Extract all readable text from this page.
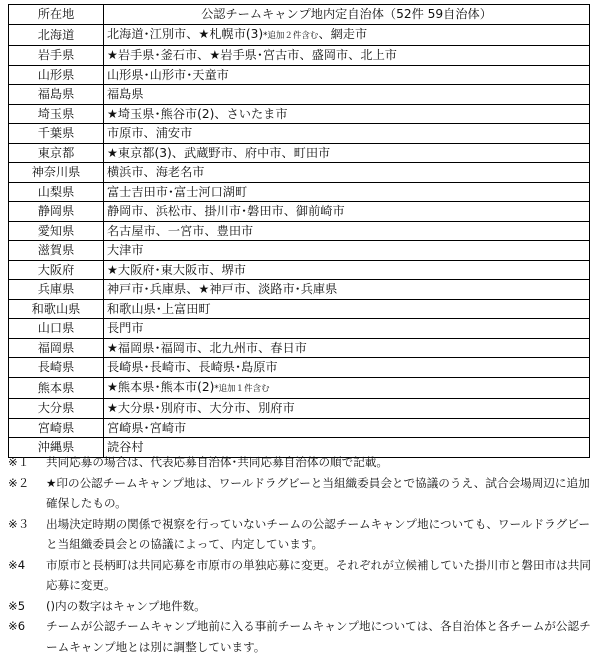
所在地	公認チームキャンプ地内定自治体（52件 59自治体）
北海道	北海道･江別市、★札幌市(3)*追加２件含む、網走市
岩手県	★岩手県･釜石市、★岩手県･宮古市、盛岡市、北上市
山形県	山形県･山形市･天童市
福島県	福島県
埼玉県	★埼玉県･熊谷市(2)、さいたま市
千葉県	市原市、浦安市
東京都	★東京都(3)、武蔵野市、府中市、町田市
神奈川県	横浜市、海老名市
山梨県	富士吉田市･富士河口湖町
静岡県	静岡市、浜松市、掛川市･磐田市、御前崎市
愛知県	名古屋市、一宮市、豊田市
滋賀県	大津市
大阪府	★大阪府･東大阪市、堺市
兵庫県	神戸市･兵庫県、★神戸市、淡路市･兵庫県
和歌山県	和歌山県･上富田町
山口県	長門市
福岡県	★福岡県･福岡市、北九州市、春日市
長崎県	長崎県･長崎市、長崎県･島原市
熊本県	★熊本県･熊本市(2)*追加１件含む
大分県	★大分県･別府市、大分市、別府市
宮崎県	宮崎県･宮崎市
沖縄県	読谷村
※１	共同応募の場合は、代表応募自治体･共同応募自治体の順で記載。
※２	★印の公認チームキャンプ地は、ワールドラグビーと当組織委員会とで協議のうえ、試合会場周辺に追加確保したもの。
※３	出場決定時期の関係で視察を行っていないチームの公認チームキャンプ地についても、ワールドラグビーと当組織委員会との協議によって、内定しています。
※4	市原市と長柄町は共同応募を市原市の単独応募に変更。それぞれが立候補していた掛川市と磐田市は共同応募に変更。
※5	()内の数字はキャンプ地件数。
※6	チームが公認チームキャンプ地前に入る事前チームキャンプ地については、各自治体と各チームが公認チームキャンプ地とは別に調整しています。
